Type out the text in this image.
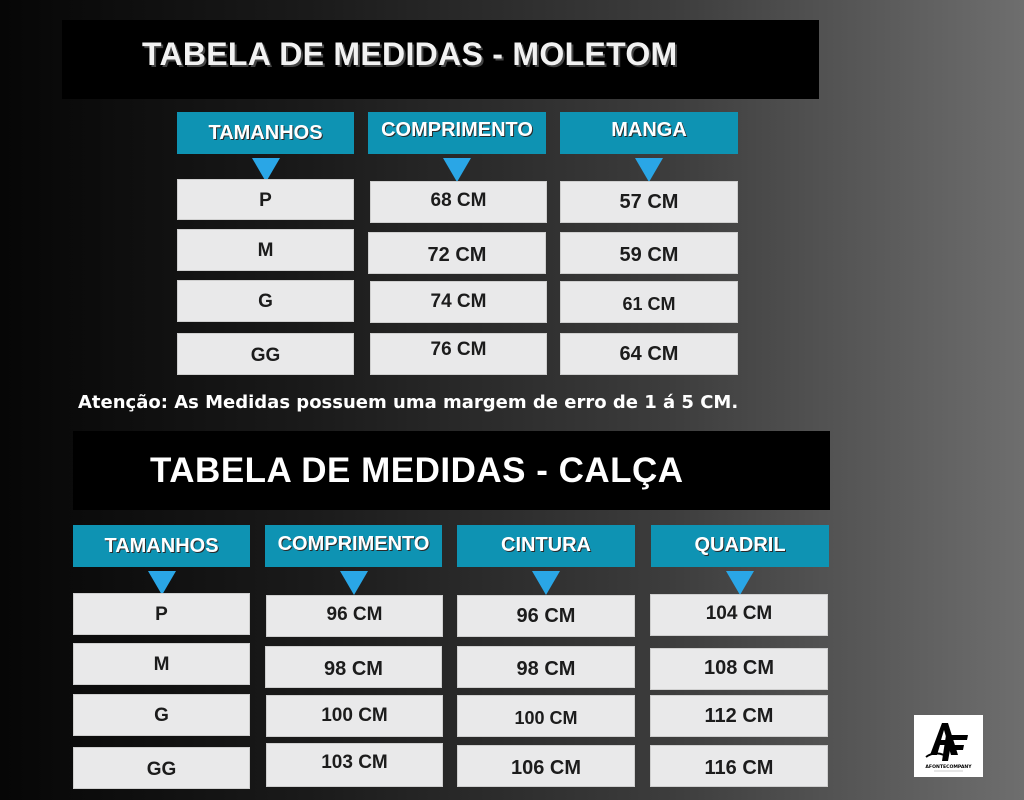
TABELA DE MEDIDAS - MOLETOM
TAMANHOS	COMPRIMENTO	MANGA
P	68 CM	57 CM
M	72 CM	59 CM
G	74 CM	61 CM
GG	76 CM	64 CM
Atenção: As Medidas possuem uma margem de erro de 1 á 5 CM.
TABELA DE MEDIDAS - CALÇA
TAMANHOS	COMPRIMENTO	CINTURA	QUADRIL
P	96 CM	96 CM	104 CM
M	98 CM	98 CM	108 CM
G	100 CM	100 CM	112 CM
GG	103 CM	106 CM	116 CM	AFONTECOMPANY
